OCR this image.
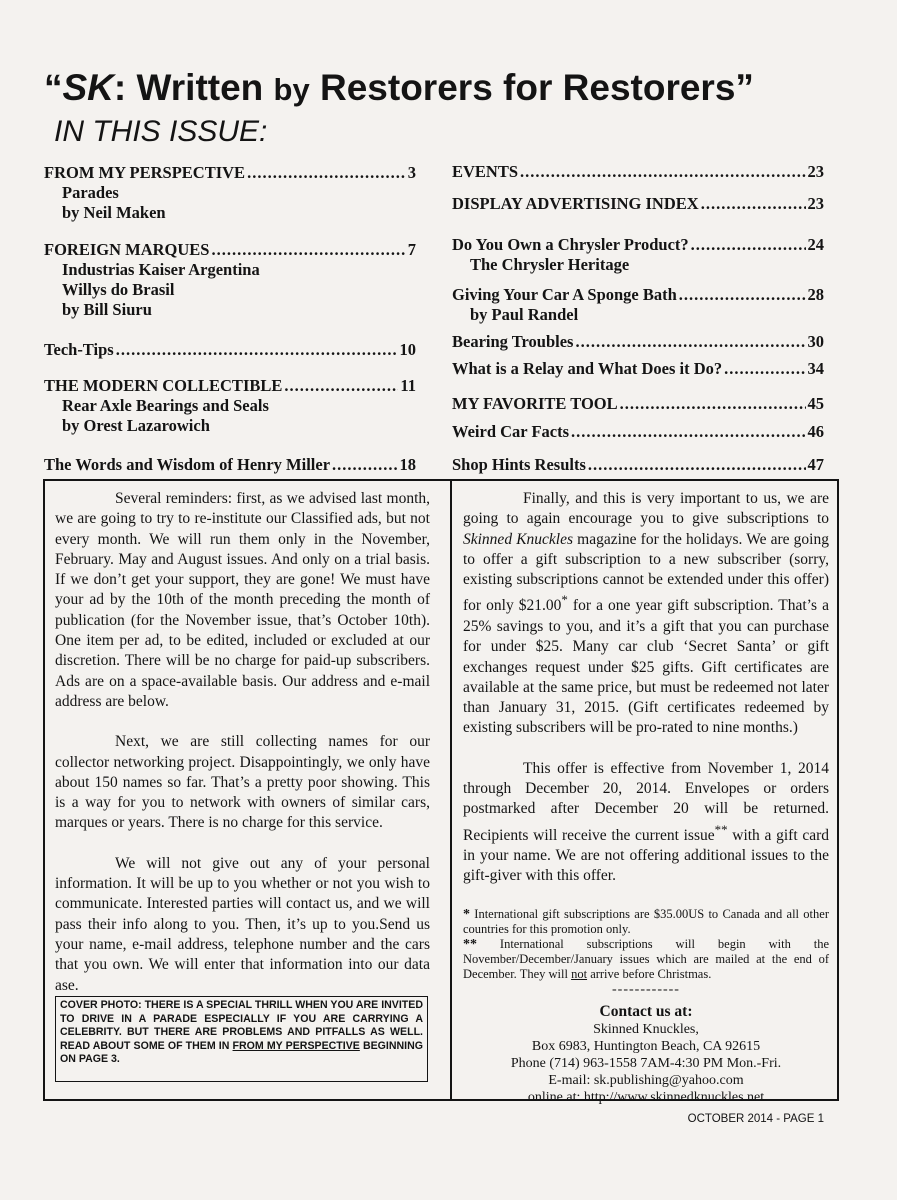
“SK: Written by Restorers for Restorers”
IN THIS ISSUE:
FROM MY PERSPECTIVE .....	3
Parades
by Neil Maken
FOREIGN MARQUES .....	7
Industrias Kaiser Argentina
Willys do Brasil
by Bill Siuru
Tech-Tips .....	10
THE MODERN COLLECTIBLE .....	11
Rear Axle Bearings and Seals
by Orest Lazarowich
The Words and Wisdom of Henry Miller .....	18
EVENTS .....	23
DISPLAY ADVERTISING INDEX .....	23
Do You Own a Chrysler Product? .....	24
The Chrysler Heritage
Giving Your Car A Sponge Bath .....	28
by Paul Randel
Bearing Troubles .....	30
What is a Relay and What Does it Do? .....	34
MY FAVORITE TOOL .....	45
Weird Car Facts .....	46
Shop Hints Results .....	47

Several reminders: first, as we advised last month, we are going to try to re-institute our Classified ads, but not every month. We will run them only in the November, February. May and August issues. And only on a trial basis. If we don’t get your support, they are gone! We must have your ad by the 10th of the month preceding the month of publication (for the November issue, that’s October 10th). One item per ad, to be edited, included or excluded at our discretion. There will be no charge for paid-up subscribers. Ads are on a space-available basis. Our address and e-mail address are below.

Next, we are still collecting names for our collector networking project. Disappointingly, we only have about 150 names so far. That’s a pretty poor showing. This is a way for you to network with owners of similar cars, marques or years. There is no charge for this service.

We will not give out any of your personal information. It will be up to you whether or not you wish to communicate. Interested parties will contact us, and we will pass their info along to you. Then, it’s up to you.Send us your name, e-mail address, telephone number and the cars that you own. We will enter that information into our data ase.

COVER PHOTO: THERE IS A SPECIAL THRILL WHEN YOU ARE INVITED TO DRIVE IN A PARADE ESPECIALLY IF YOU ARE CARRYING A CELEBRITY. BUT THERE ARE PROBLEMS AND PITFALLS AS WELL. READ ABOUT SOME OF THEM IN FROM MY PERSPECTIVE BEGINNING ON PAGE 3.

Finally, and this is very important to us, we are going to again encourage you to give subscriptions to Skinned Knuckles magazine for the holidays. We are going to offer a gift subscription to a new subscriber (sorry, existing subscriptions cannot be extended under this offer) for only $21.00* for a one year gift subscription. That’s a 25% savings to you, and it’s a gift that you can purchase for under $25. Many car club ‘Secret Santa’ or gift exchanges request under $25 gifts. Gift certificates are available at the same price, but must be redeemed not later than January 31, 2015. (Gift certificates redeemed by existing subscribers will be pro-rated to nine months.)

This offer is effective from November 1, 2014 through December 20, 2014. Envelopes or orders postmarked after December 20 will be returned. Recipients will receive the current issue** with a gift card in your name. We are not offering additional issues to the gift-giver with this offer.

* International gift subscriptions are $35.00US to Canada and all other countries for this promotion only.

** International subscriptions will begin with the November/December/January issues which are mailed at the end of December. They will not arrive before Christmas.

------------
Contact us at:
Skinned Knuckles,
Box 6983, Huntington Beach, CA 92615
Phone (714) 963-1558 7AM-4:30 PM Mon.-Fri.
E-mail: sk.publishing@yahoo.com
online at: http://www.skinnedknuckles.net
OCTOBER 2014 - PAGE 1
